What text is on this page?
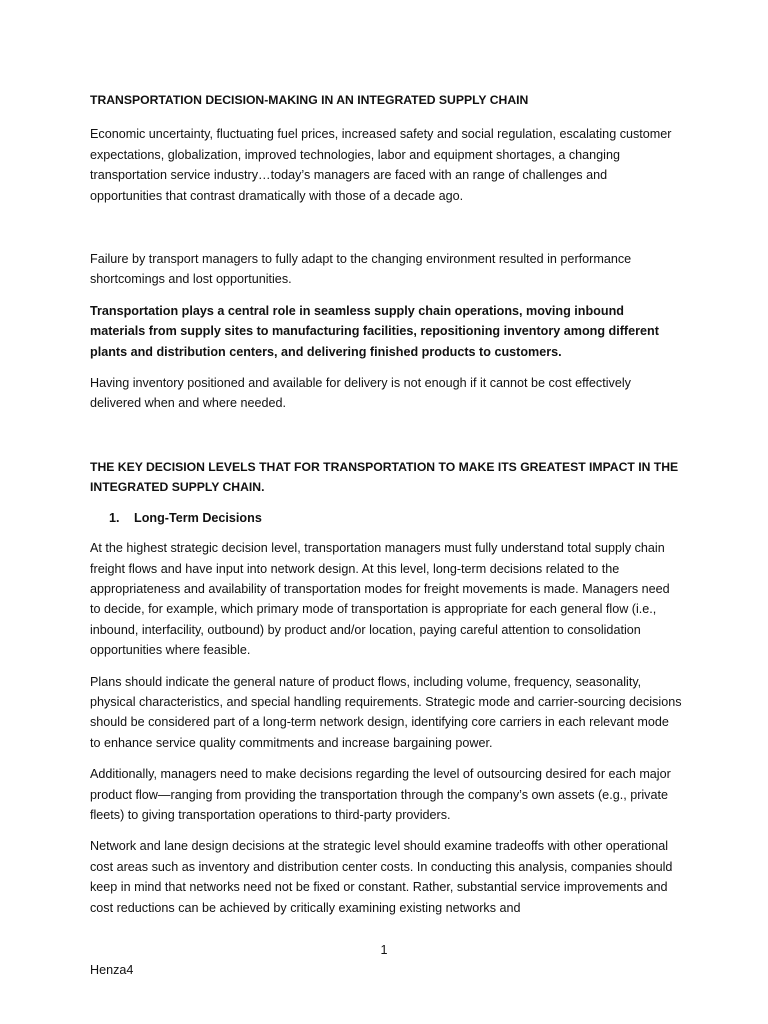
TRANSPORTATION DECISION-MAKING IN AN INTEGRATED SUPPLY CHAIN

Economic uncertainty, fluctuating fuel prices, increased safety and social regulation, escalating customer expectations, globalization, improved technologies, labor and equipment shortages, a changing transportation service industry…today’s managers are faced with an range of challenges and opportunities that contrast dramatically with those of a decade ago.

Failure by transport managers to fully adapt to the changing environment resulted in performance shortcomings and lost opportunities.

Transportation plays a central role in seamless supply chain operations, moving inbound materials from supply sites to manufacturing facilities, repositioning inventory among different plants and distribution centers, and delivering finished products to customers.

Having inventory positioned and available for delivery is not enough if it cannot be cost effectively delivered when and where needed.

THE KEY DECISION LEVELS THAT FOR TRANSPORTATION TO MAKE ITS GREATEST IMPACT IN THE INTEGRATED SUPPLY CHAIN.
1.	Long-Term Decisions

At the highest strategic decision level, transportation managers must fully understand total supply chain freight flows and have input into network design. At this level, long-term decisions related to the appropriateness and availability of transportation modes for freight movements is made. Managers need to decide, for example, which primary mode of transportation is appropriate for each general flow (i.e., inbound, interfacility, outbound) by product and/or location, paying careful attention to consolidation opportunities where feasible.

Plans should indicate the general nature of product flows, including volume, frequency, seasonality, physical characteristics, and special handling requirements. Strategic mode and carrier-sourcing decisions should be considered part of a long-term network design, identifying core carriers in each relevant mode to enhance service quality commitments and increase bargaining power.

Additionally, managers need to make decisions regarding the level of outsourcing desired for each major product flow—ranging from providing the transportation through the company’s own assets (e.g., private fleets) to giving transportation operations to third-party providers.

Network and lane design decisions at the strategic level should examine tradeoffs with other operational cost areas such as inventory and distribution center costs. In conducting this analysis, companies should keep in mind that networks need not be fixed or constant. Rather, substantial service improvements and cost reductions can be achieved by critically examining existing networks and

1
Henza4
